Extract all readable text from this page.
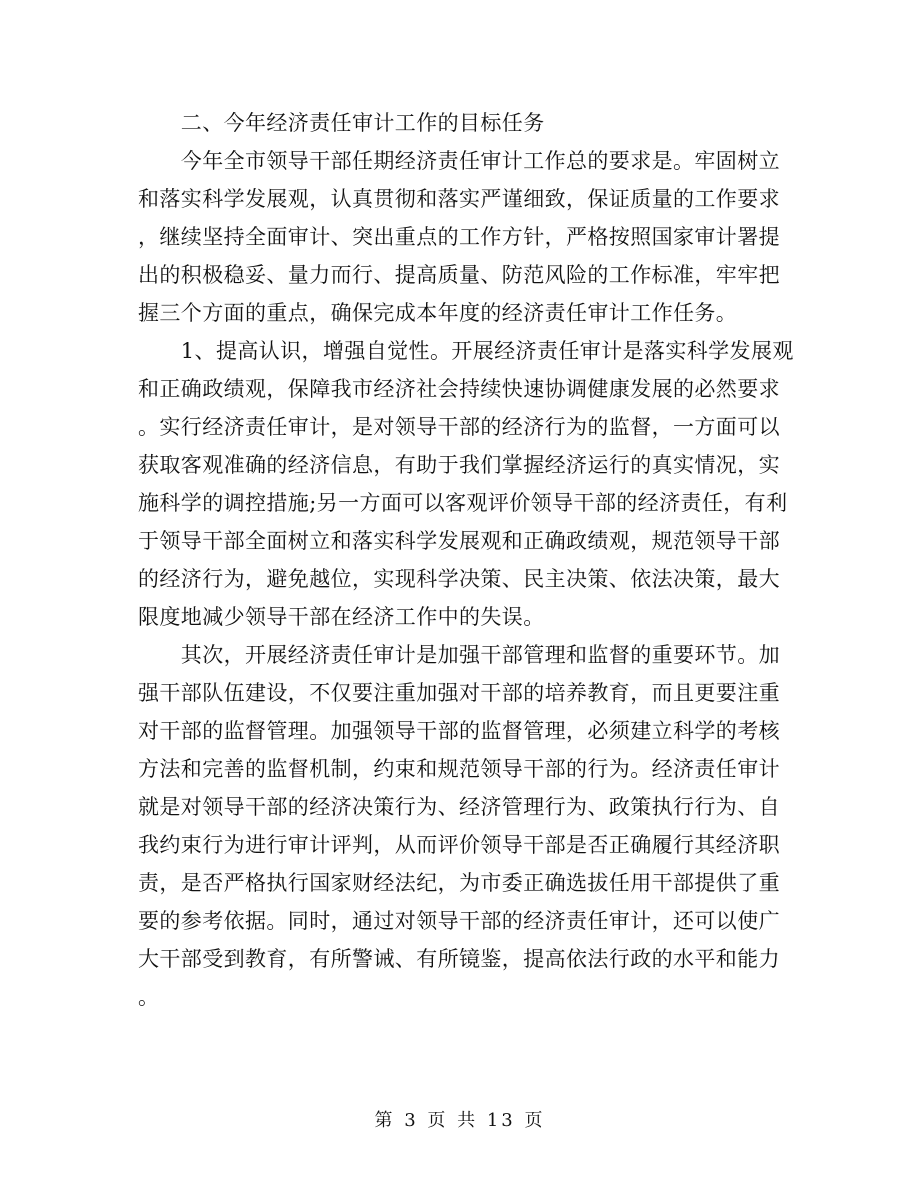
　　二、今年经济责任审计工作的目标任务
　　今年全市领导干部任期经济责任审计工作总的要求是。牢固树立
和落实科学发展观，认真贯彻和落实严谨细致，保证质量的工作要求
，继续坚持全面审计、突出重点的工作方针，严格按照国家审计署提
出的积极稳妥、量力而行、提高质量、防范风险的工作标准，牢牢把
握三个方面的重点，确保完成本年度的经济责任审计工作任务。
　　1、提高认识，增强自觉性。开展经济责任审计是落实科学发展观
和正确政绩观，保障我市经济社会持续快速协调健康发展的必然要求
。实行经济责任审计，是对领导干部的经济行为的监督，一方面可以
获取客观准确的经济信息，有助于我们掌握经济运行的真实情况，实
施科学的调控措施;另一方面可以客观评价领导干部的经济责任，有利
于领导干部全面树立和落实科学发展观和正确政绩观，规范领导干部
的经济行为，避免越位，实现科学决策、民主决策、依法决策，最大
限度地减少领导干部在经济工作中的失误。
　　其次，开展经济责任审计是加强干部管理和监督的重要环节。加
强干部队伍建设，不仅要注重加强对干部的培养教育，而且更要注重
对干部的监督管理。加强领导干部的监督管理，必须建立科学的考核
方法和完善的监督机制，约束和规范领导干部的行为。经济责任审计
就是对领导干部的经济决策行为、经济管理行为、政策执行行为、自
我约束行为进行审计评判，从而评价领导干部是否正确履行其经济职
责，是否严格执行国家财经法纪，为市委正确选拔任用干部提供了重
要的参考依据。同时，通过对领导干部的经济责任审计，还可以使广
大干部受到教育，有所警诫、有所镜鉴，提高依法行政的水平和能力
。
第 3 页 共 13 页
